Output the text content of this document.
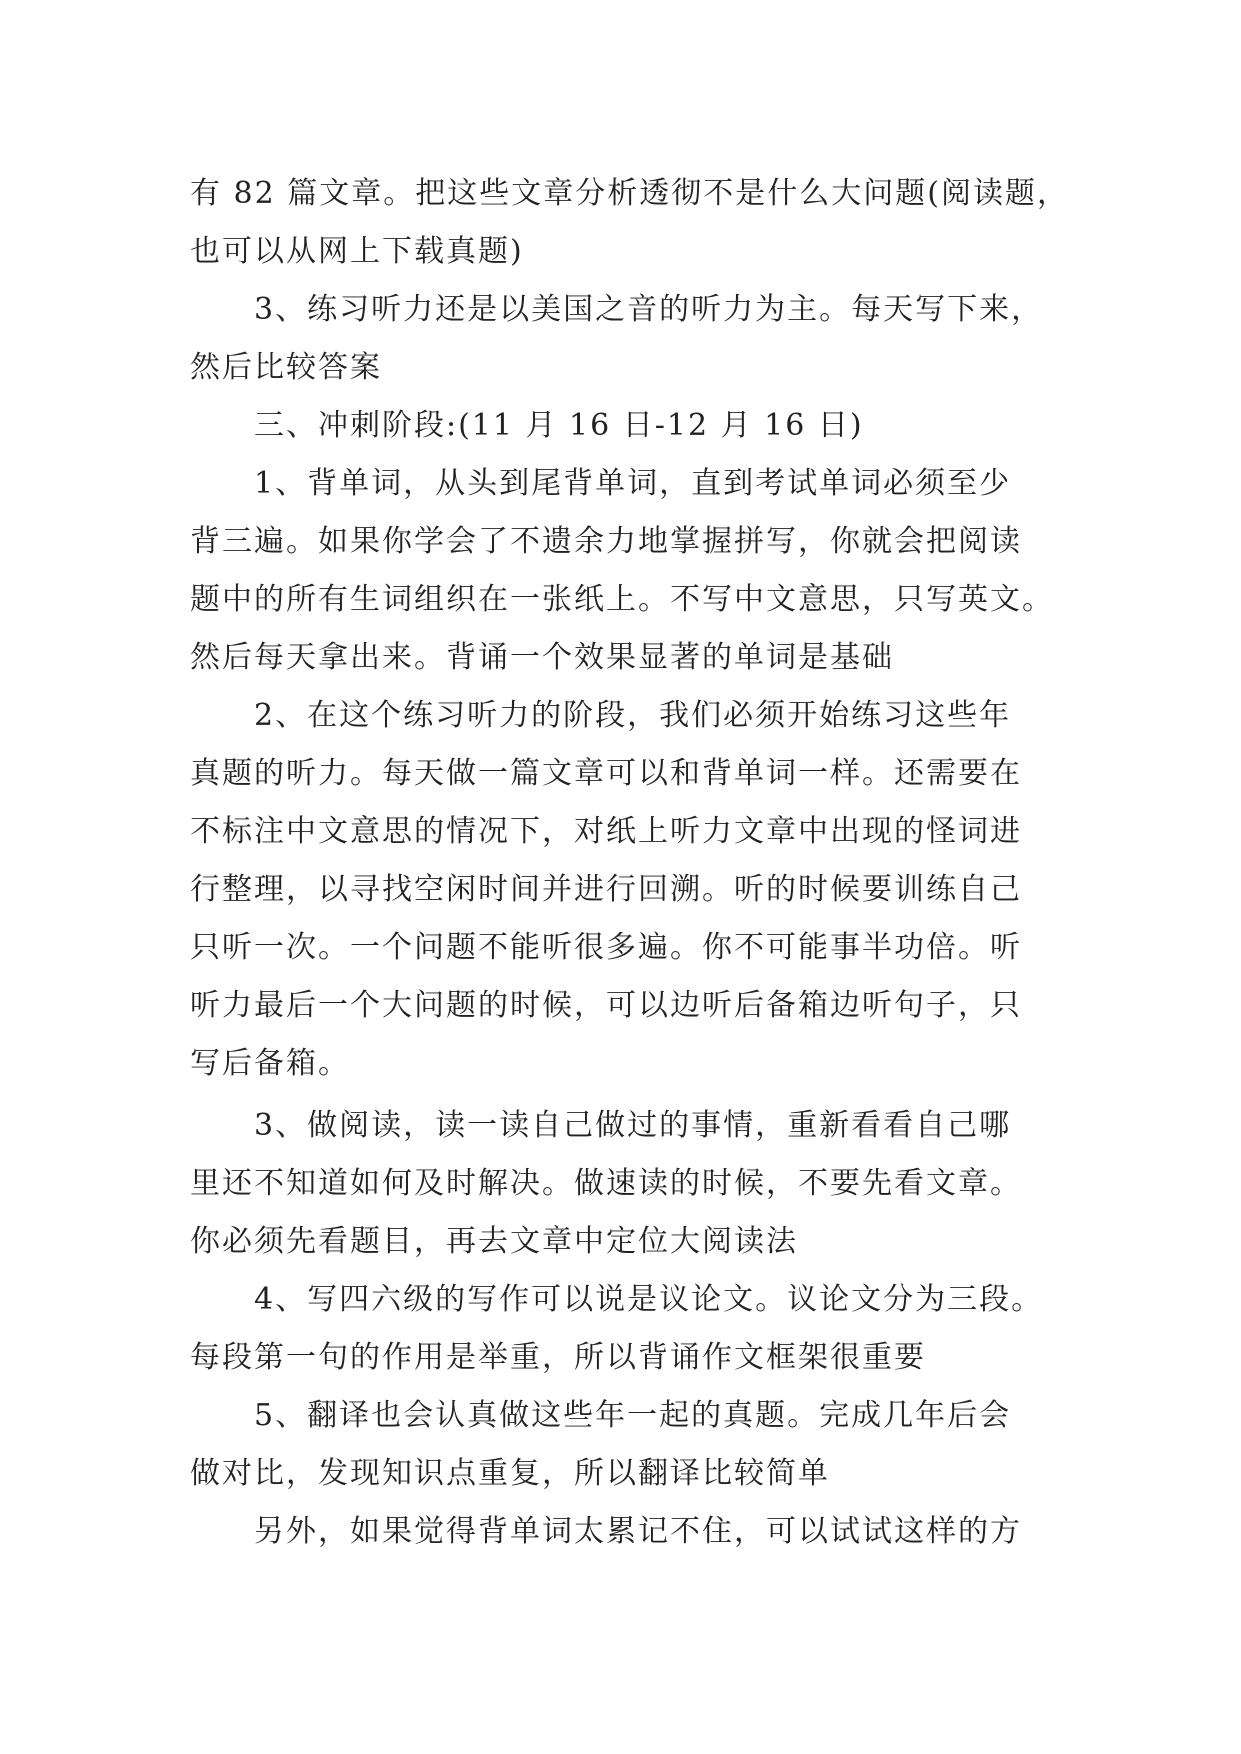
有 82 篇文章。把这些文章分析透彻不是什么大问题(阅读题，
也可以从网上下载真题)
3、练习听力还是以美国之音的听力为主。每天写下来，
然后比较答案
三、冲刺阶段:(11 月 16 日-12 月 16 日)
1、背单词，从头到尾背单词，直到考试单词必须至少
背三遍。如果你学会了不遗余力地掌握拼写，你就会把阅读
题中的所有生词组织在一张纸上。不写中文意思，只写英文。
然后每天拿出来。背诵一个效果显著的单词是基础
2、在这个练习听力的阶段，我们必须开始练习这些年
真题的听力。每天做一篇文章可以和背单词一样。还需要在
不标注中文意思的情况下，对纸上听力文章中出现的怪词进
行整理，以寻找空闲时间并进行回溯。听的时候要训练自己
只听一次。一个问题不能听很多遍。你不可能事半功倍。听
听力最后一个大问题的时候，可以边听后备箱边听句子，只
写后备箱。
3、做阅读，读一读自己做过的事情，重新看看自己哪
里还不知道如何及时解决。做速读的时候，不要先看文章。
你必须先看题目，再去文章中定位大阅读法
4、写四六级的写作可以说是议论文。议论文分为三段。
每段第一句的作用是举重，所以背诵作文框架很重要
5、翻译也会认真做这些年一起的真题。完成几年后会
做对比，发现知识点重复，所以翻译比较简单
另外，如果觉得背单词太累记不住，可以试试这样的方
